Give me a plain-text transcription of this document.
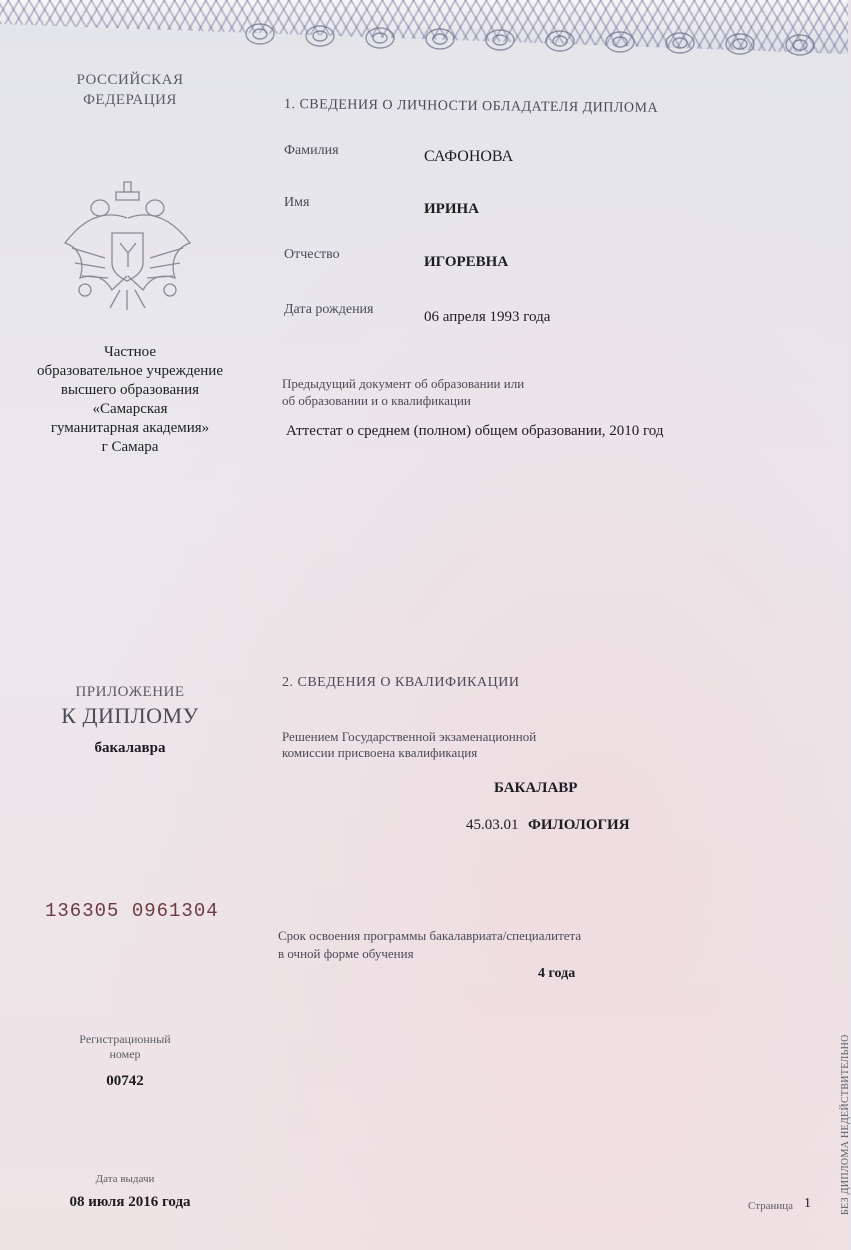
РОССИЙСКАЯ
ФЕДЕРАЦИЯ
Частное
образовательное учреждение
высшего образования
«Самарская
гуманитарная академия»
г Самара
ПРИЛОЖЕНИЕ
К ДИПЛОМУ
бакалавра
136305 0961304
Регистрационный
номер
00742
Дата выдачи
08 июля 2016 года
1. СВЕДЕНИЯ О ЛИЧНОСТИ ОБЛАДАТЕЛЯ ДИПЛОМА
Фамилия	САФОНОВА
Имя	ИРИНА
Отчество	ИГОРЕВНА
Дата рождения	06 апреля 1993 года
Предыдущий документ об образовании или
об образовании и о квалификации
Аттестат о среднем (полном) общем образовании, 2010 год
2. СВЕДЕНИЯ О КВАЛИФИКАЦИИ
Решением Государственной экзаменационной
комиссии присвоена квалификация
БАКАЛАВР
45.03.01 ФИЛОЛОГИЯ
Срок освоения программы бакалавриата/специалитета
в очной форме обучения
4 года
Страница 1	БЕЗ ДИПЛОМА НЕДЕЙСТВИТЕЛЬНО
